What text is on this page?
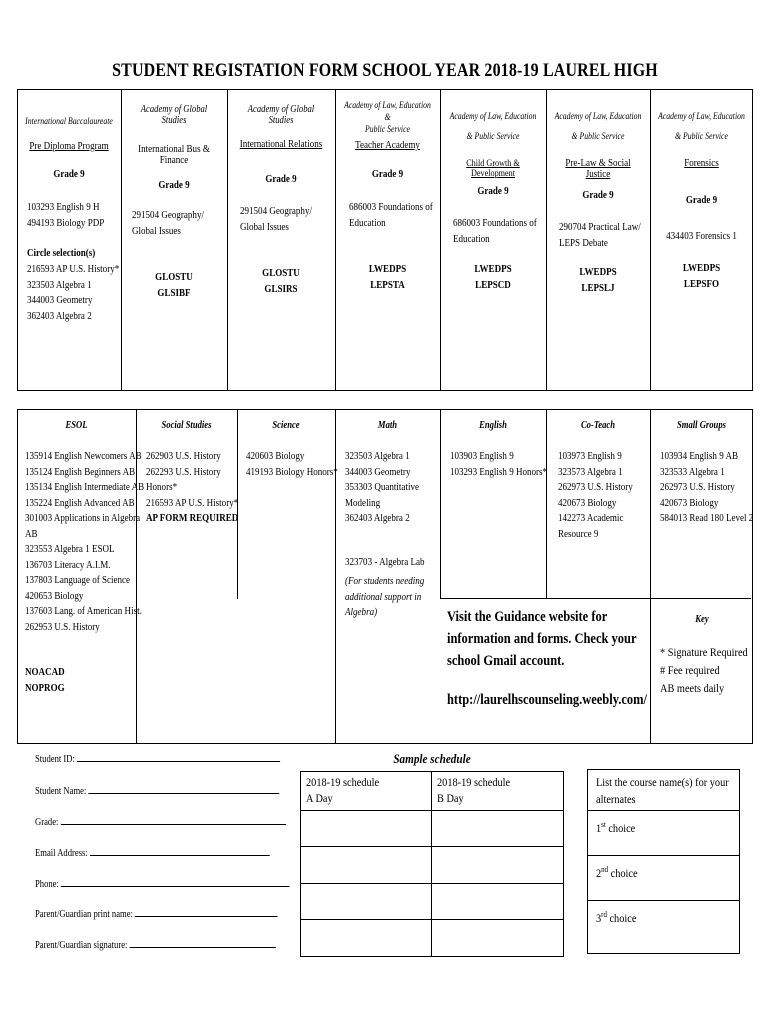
STUDENT REGISTATION FORM SCHOOL YEAR 2018-19 LAUREL HIGH
International Baccalaureate
Pre Diploma Program
Grade 9
103293 English 9 H
494193 Biology PDP
Circle selection(s)
216593 AP U.S. History*
323503 Algebra 1
344003 Geometry
362403 Algebra 2
Academy of Global Studies
International Bus & Finance
Grade 9
291504 Geography/
Global Issues
GLOSTU
GLSIBF
Academy of Global Studies
International Relations
Grade 9
291504 Geography/
Global Issues
GLOSTU
GLSIRS
Academy of Law, Education &
Public Service
Teacher Academy
Grade 9
686003 Foundations of
Education
LWEDPS
LEPSTA
Academy of Law, Education
& Public Service
Child Growth & Development
Grade 9
686003 Foundations of
Education
LWEDPS
LEPSCD
Academy of Law, Education
& Public Service
Pre-Law & Social Justice
Grade 9
290704 Practical Law/
LEPS Debate
LWEDPS
LEPSLJ
Academy of Law, Education
& Public Service
Forensics
Grade 9
434403 Forensics 1
LWEDPS
LEPSFO
ESOL
135914 English Newcomers AB
135124 English Beginners AB
135134 English Intermediate AB
135224 English Advanced AB
301003 Applications in Algebra
AB
323553 Algebra 1 ESOL
136703 Literacy A.I.M.
137803 Language of Science
420653 Biology
137603 Lang. of American Hist.
262953 U.S. History
NOACAD
NOPROG
Social Studies
262903 U.S. History
262293 U.S. History
Honors*
216593 AP U.S. History*
AP FORM REQUIRED
Science
420603 Biology
419193 Biology Honors*
Math
323503 Algebra 1
344003 Geometry
353303 Quantitative
Modeling
362403 Algebra 2
323703 - Algebra Lab
(For students needing
additional support in
Algebra)
English
103903 English 9
103293 English 9 Honors*
Co-Teach
103973 English 9
323573 Algebra 1
262973 U.S. History
420673 Biology
142273 Academic
Resource 9
Small Groups
103934 English 9 AB
323533 Algebra 1
262973 U.S. History
420673 Biology
584013 Read 180 Level 2
Visit the Guidance website for
information and forms. Check your
school Gmail account.
http://laurelhscounseling.weebly.com/
Key
* Signature Required
# Fee required
AB meets daily
Student ID:
Student Name:
Grade:
Email Address:
Phone:
Parent/Guardian print name:
Parent/Guardian signature:
Sample schedule
2018-19 schedule
A Day
2018-19 schedule
B Day
List the course name(s) for your
alternates
1st choice
2nd choice
3rd choice
